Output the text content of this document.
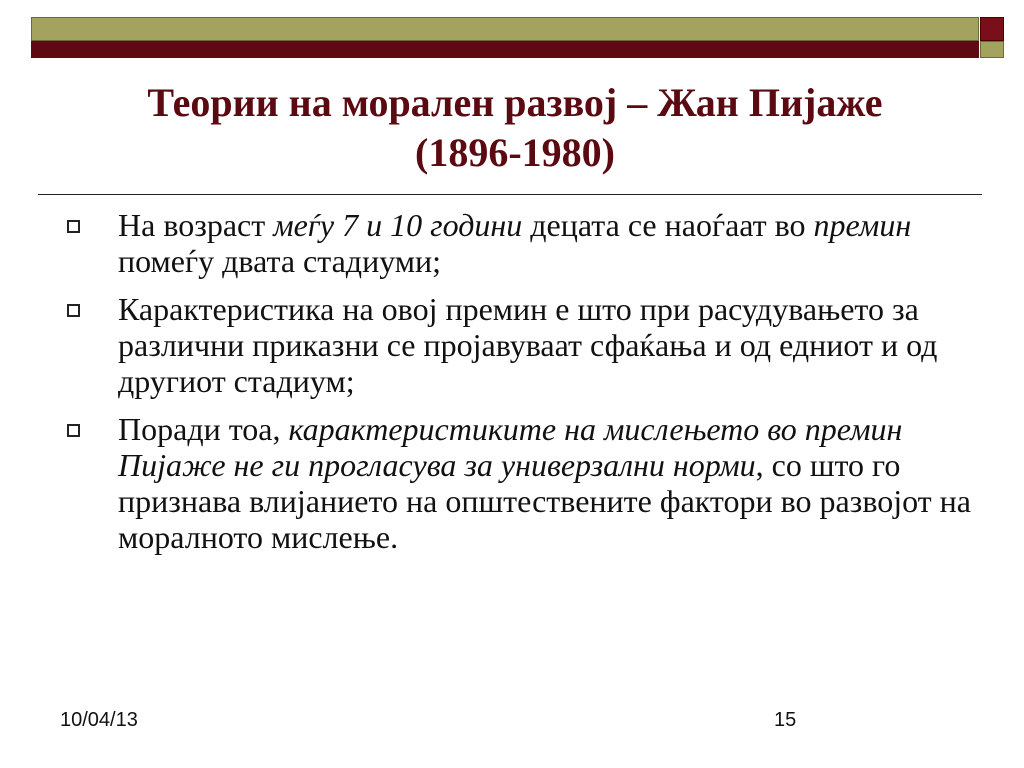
Теории на морален развој – Жан Пијаже
(1896-1980)
На возраст меѓу 7 и 10 години децата се наоѓаат во премин помеѓу двата стадиуми;
Карактеристика на овој премин е што при расудувањето за различни приказни се пројавуваат сфаќања и од едниот и од другиот стадиум;
Поради тоа, карактеристиките на мислењето во премин Пијаже не ги прогласува за универзални норми, со што го признава влијанието на општествените фактори во развојот на моралното мислење.
10/04/13	15
